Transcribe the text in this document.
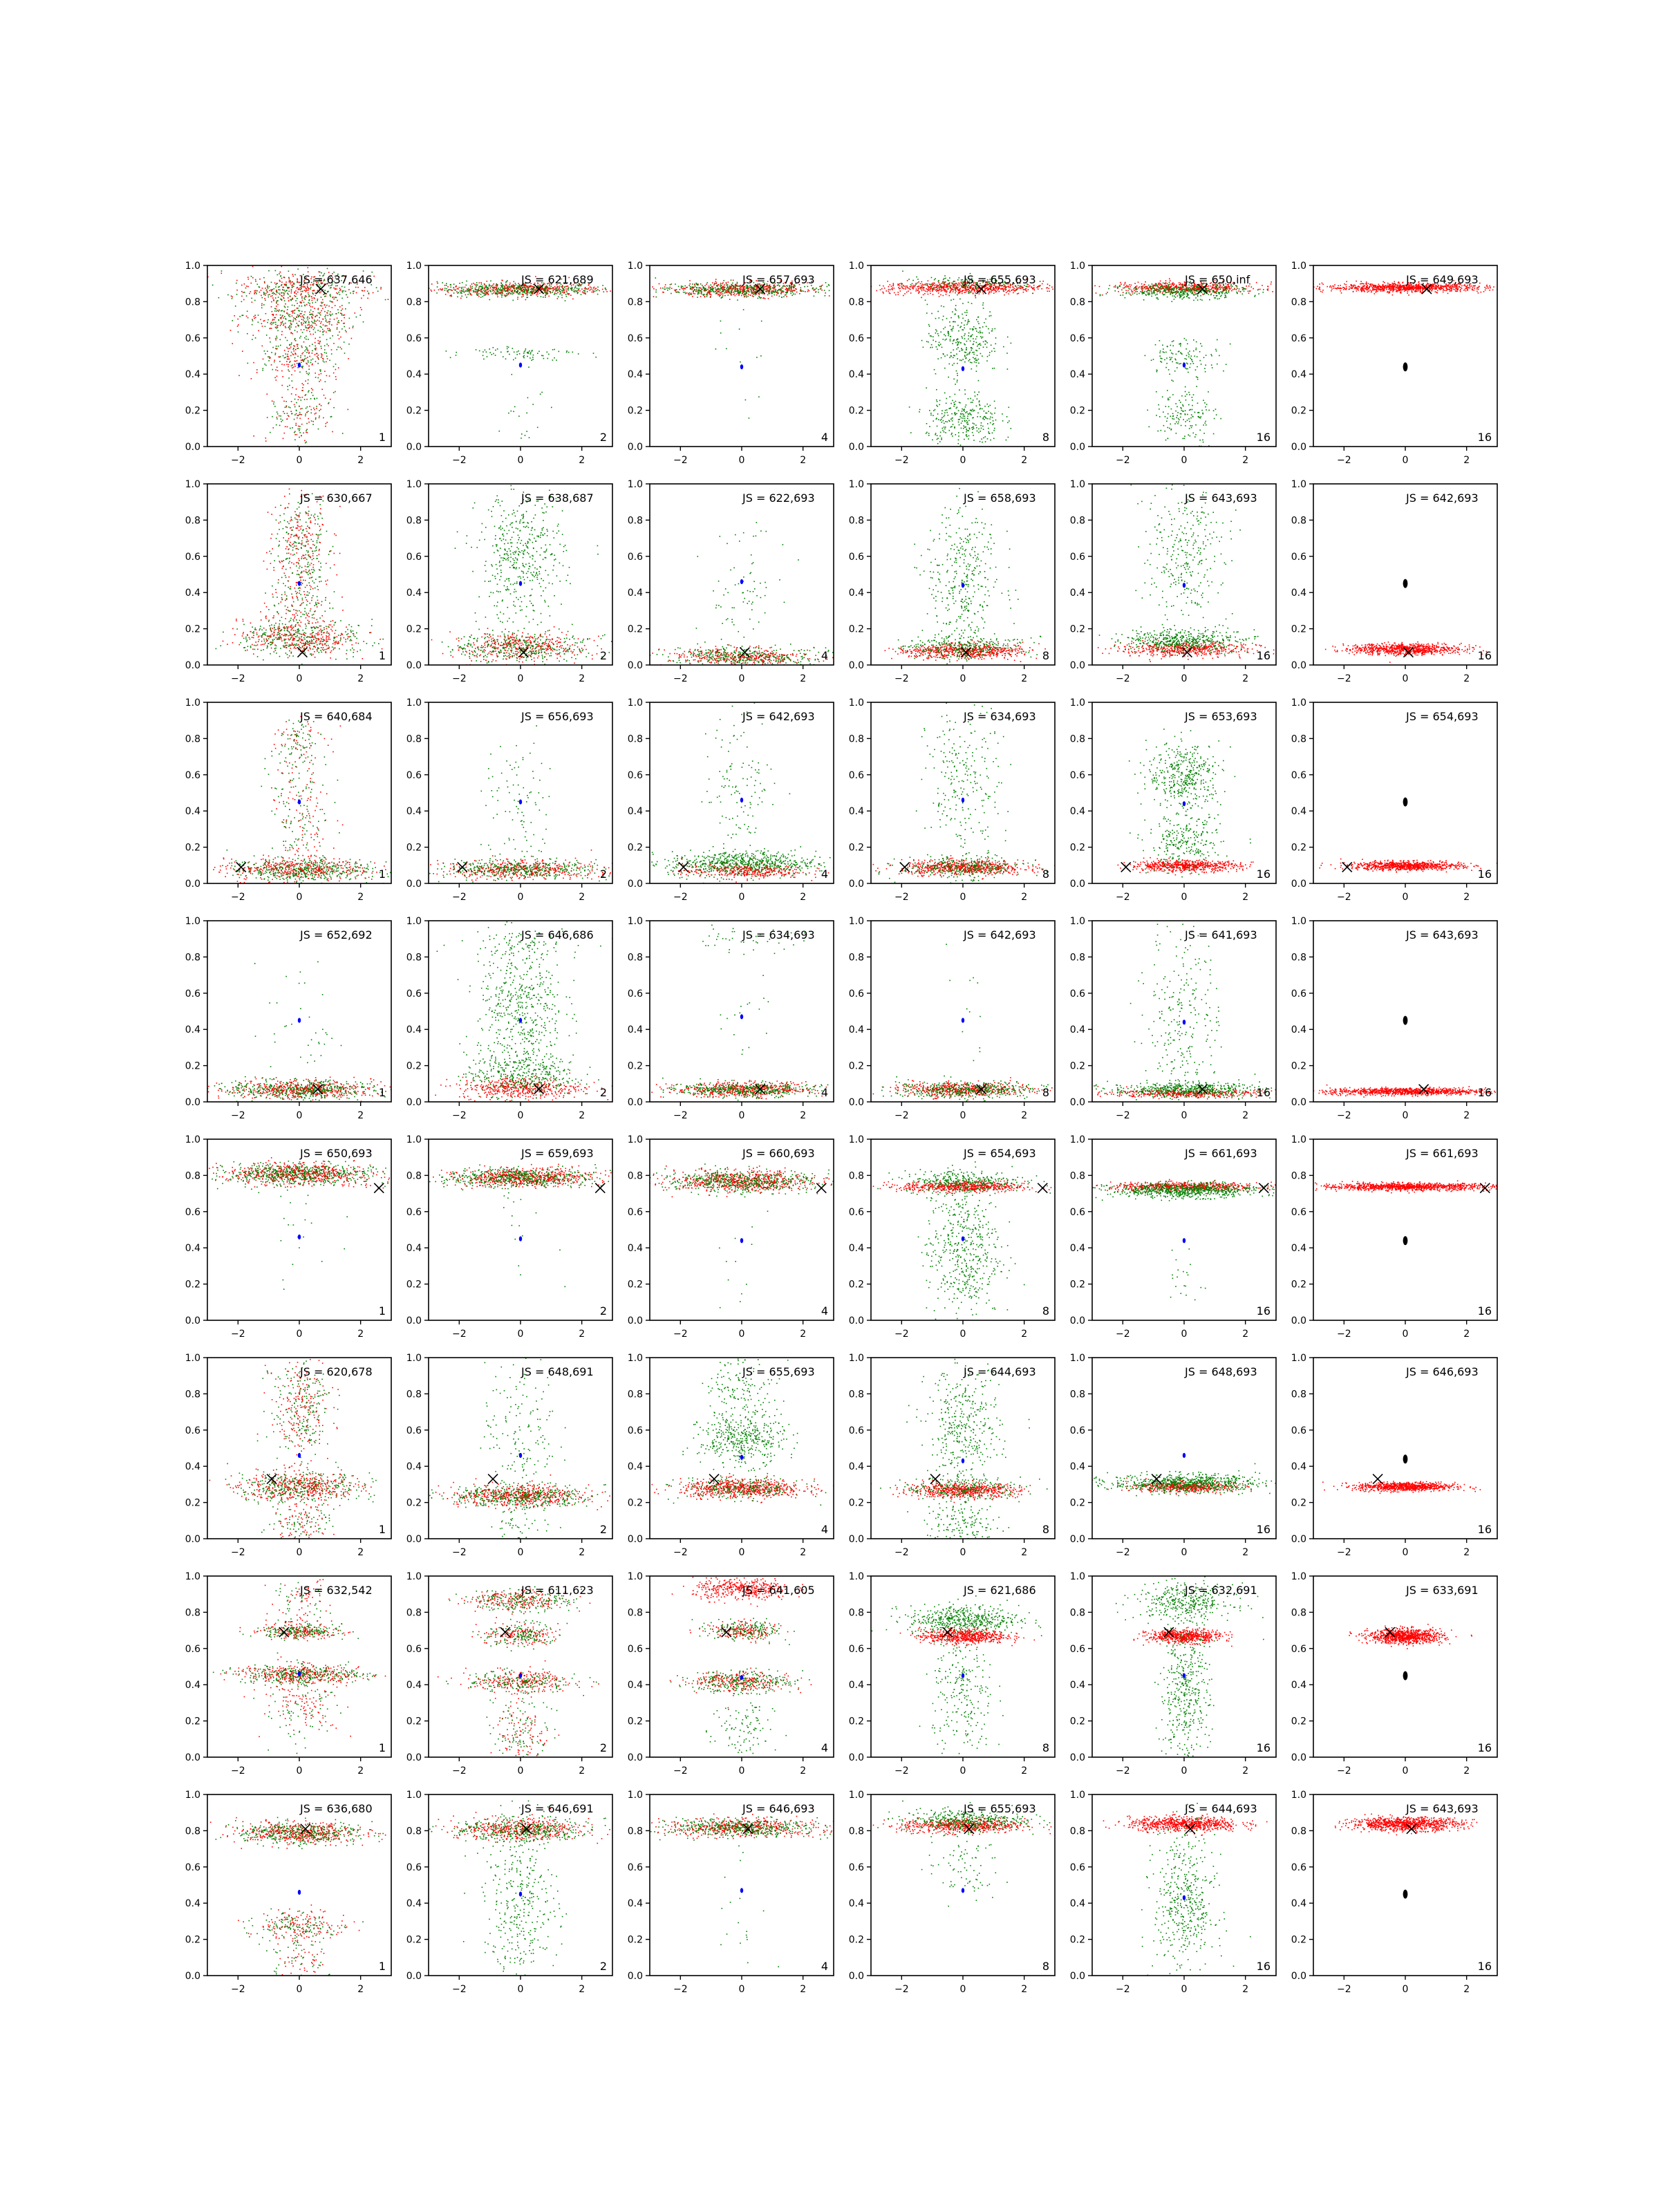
0.0
0.2
0.4
0.6
0.8
1.0
−2	0	2
JS = 637,646
1
0.0
0.2
0.4
0.6
0.8
1.0
−2	0	2
JS = 621,689
2
0.0
0.2
0.4
0.6
0.8
1.0
−2	0	2
JS = 657,693
4
0.0
0.2
0.4
0.6
0.8
1.0
−2	0	2
JS = 655,693
8
0.0
0.2
0.4
0.6
0.8
1.0
−2	0	2
JS = 650,inf
16
0.0
0.2
0.4
0.6
0.8
1.0
−2	0	2
JS = 649,693
16
0.0
0.2
0.4
0.6
0.8
1.0
−2	0	2
JS = 630,667
1
0.0
0.2
0.4
0.6
0.8
1.0
−2	0	2
JS = 638,687
2
0.0
0.2
0.4
0.6
0.8
1.0
−2	0	2
JS = 622,693
4
0.0
0.2
0.4
0.6
0.8
1.0
−2	0	2
JS = 658,693
8
0.0
0.2
0.4
0.6
0.8
1.0
−2	0	2
JS = 643,693
16
0.0
0.2
0.4
0.6
0.8
1.0
−2	0	2
JS = 642,693
16
0.0
0.2
0.4
0.6
0.8
1.0
−2	0	2
JS = 640,684
1
0.0
0.2
0.4
0.6
0.8
1.0
−2	0	2
JS = 656,693
2
0.0
0.2
0.4
0.6
0.8
1.0
−2	0	2
JS = 642,693
4
0.0
0.2
0.4
0.6
0.8
1.0
−2	0	2
JS = 634,693
8
0.0
0.2
0.4
0.6
0.8
1.0
−2	0	2
JS = 653,693
16
0.0
0.2
0.4
0.6
0.8
1.0
−2	0	2
JS = 654,693
16
0.0
0.2
0.4
0.6
0.8
1.0
−2	0	2
JS = 652,692
1
0.0
0.2
0.4
0.6
0.8
1.0
−2	0	2
JS = 646,686
2
0.0
0.2
0.4
0.6
0.8
1.0
−2	0	2
JS = 634,693
4
0.0
0.2
0.4
0.6
0.8
1.0
−2	0	2
JS = 642,693
8
0.0
0.2
0.4
0.6
0.8
1.0
−2	0	2
JS = 641,693
16
0.0
0.2
0.4
0.6
0.8
1.0
−2	0	2
JS = 643,693
16
0.0
0.2
0.4
0.6
0.8
1.0
−2	0	2
JS = 650,693
1
0.0
0.2
0.4
0.6
0.8
1.0
−2	0	2
JS = 659,693
2
0.0
0.2
0.4
0.6
0.8
1.0
−2	0	2
JS = 660,693
4
0.0
0.2
0.4
0.6
0.8
1.0
−2	0	2
JS = 654,693
8
0.0
0.2
0.4
0.6
0.8
1.0
−2	0	2
JS = 661,693
16
0.0
0.2
0.4
0.6
0.8
1.0
−2	0	2
JS = 661,693
16
0.0
0.2
0.4
0.6
0.8
1.0
−2	0	2
JS = 620,678
1
0.0
0.2
0.4
0.6
0.8
1.0
−2	0	2
JS = 648,691
2
0.0
0.2
0.4
0.6
0.8
1.0
−2	0	2
JS = 655,693
4
0.0
0.2
0.4
0.6
0.8
1.0
−2	0	2
JS = 644,693
8
0.0
0.2
0.4
0.6
0.8
1.0
−2	0	2
JS = 648,693
16
0.0
0.2
0.4
0.6
0.8
1.0
−2	0	2
JS = 646,693
16
0.0
0.2
0.4
0.6
0.8
1.0
−2	0	2
JS = 632,542
1
0.0
0.2
0.4
0.6
0.8
1.0
−2	0	2
JS = 611,623
2
0.0
0.2
0.4
0.6
0.8
1.0
−2	0	2
JS = 641,605
4
0.0
0.2
0.4
0.6
0.8
1.0
−2	0	2
JS = 621,686
8
0.0
0.2
0.4
0.6
0.8
1.0
−2	0	2
JS = 632,691
16
0.0
0.2
0.4
0.6
0.8
1.0
−2	0	2
JS = 633,691
16
0.0
0.2
0.4
0.6
0.8
1.0
−2	0	2
JS = 636,680
1
0.0
0.2
0.4
0.6
0.8
1.0
−2	0	2
JS = 646,691
2
0.0
0.2
0.4
0.6
0.8
1.0
−2	0	2
JS = 646,693
4
0.0
0.2
0.4
0.6
0.8
1.0
−2	0	2
JS = 655,693
8
0.0
0.2
0.4
0.6
0.8
1.0
−2	0	2
JS = 644,693
16
0.0
0.2
0.4
0.6
0.8
1.0
−2	0	2
JS = 643,693
16
